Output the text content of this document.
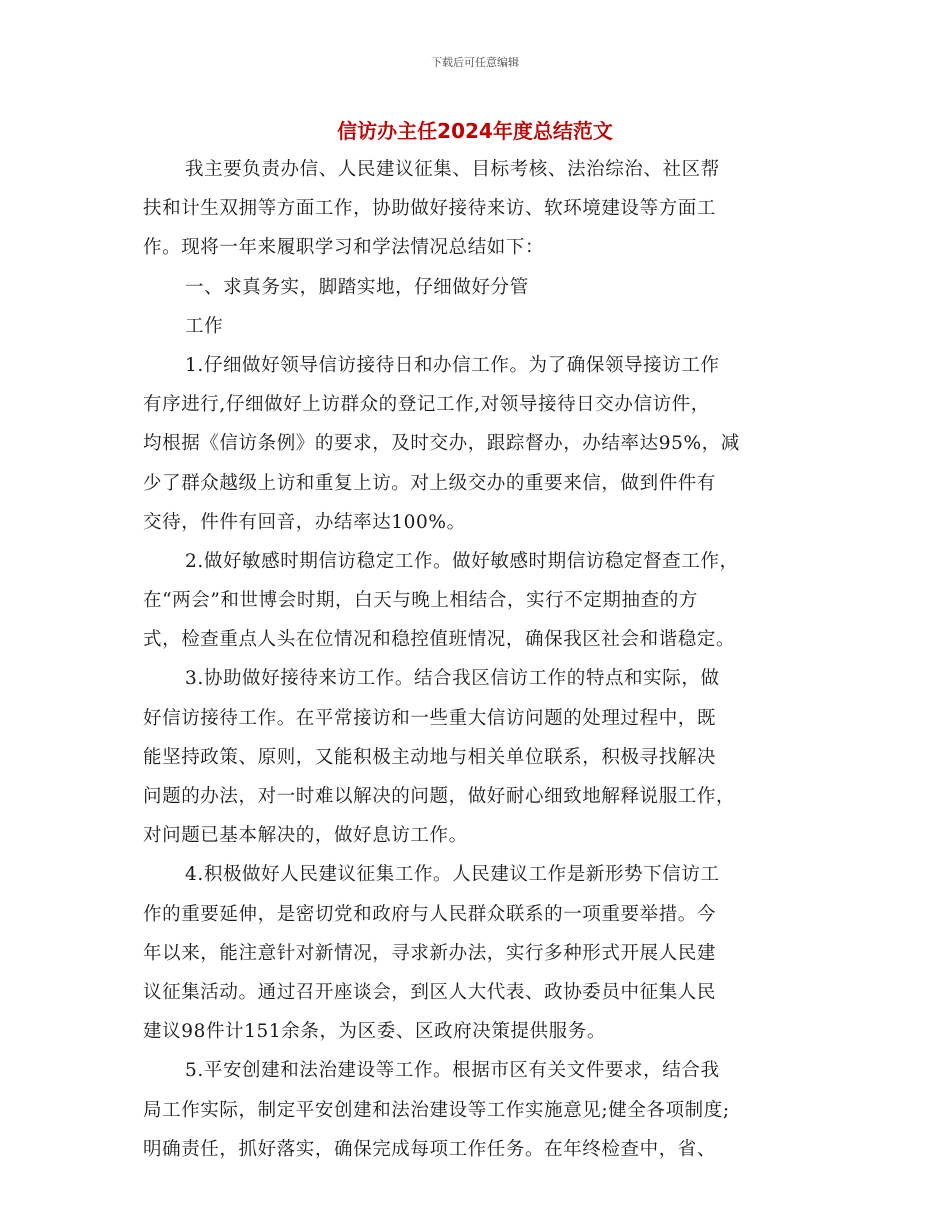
下载后可任意编辑
信访办主任2024年度总结范文
我主要负责办信、人民建议征集、目标考核、法治综治、社区帮
扶和计生双拥等方面工作，协助做好接待来访、软环境建设等方面工
作。现将一年来履职学习和学法情况总结如下：
一、求真务实，脚踏实地，仔细做好分管
工作
1.仔细做好领导信访接待日和办信工作。为了确保领导接访工作
有序进行,仔细做好上访群众的登记工作,对领导接待日交办信访件，
均根据《信访条例》的要求，及时交办，跟踪督办，办结率达95%，减
少了群众越级上访和重复上访。对上级交办的重要来信，做到件件有
交待，件件有回音，办结率达100%。
2.做好敏感时期信访稳定工作。做好敏感时期信访稳定督查工作，
在“两会”和世博会时期，白天与晚上相结合，实行不定期抽查的方
式，检查重点人头在位情况和稳控值班情况，确保我区社会和谐稳定。
3.协助做好接待来访工作。结合我区信访工作的特点和实际，做
好信访接待工作。在平常接访和一些重大信访问题的处理过程中，既
能坚持政策、原则，又能积极主动地与相关单位联系，积极寻找解决
问题的办法，对一时难以解决的问题，做好耐心细致地解释说服工作，
对问题已基本解决的，做好息访工作。
4.积极做好人民建议征集工作。人民建议工作是新形势下信访工
作的重要延伸，是密切党和政府与人民群众联系的一项重要举措。今
年以来，能注意针对新情况，寻求新办法，实行多种形式开展人民建
议征集活动。通过召开座谈会，到区人大代表、政协委员中征集人民
建议98件计151余条，为区委、区政府决策提供服务。
5.平安创建和法治建设等工作。根据市区有关文件要求，结合我
局工作实际，制定平安创建和法治建设等工作实施意见;健全各项制度;
明确责任，抓好落实，确保完成每项工作任务。在年终检查中，省、
